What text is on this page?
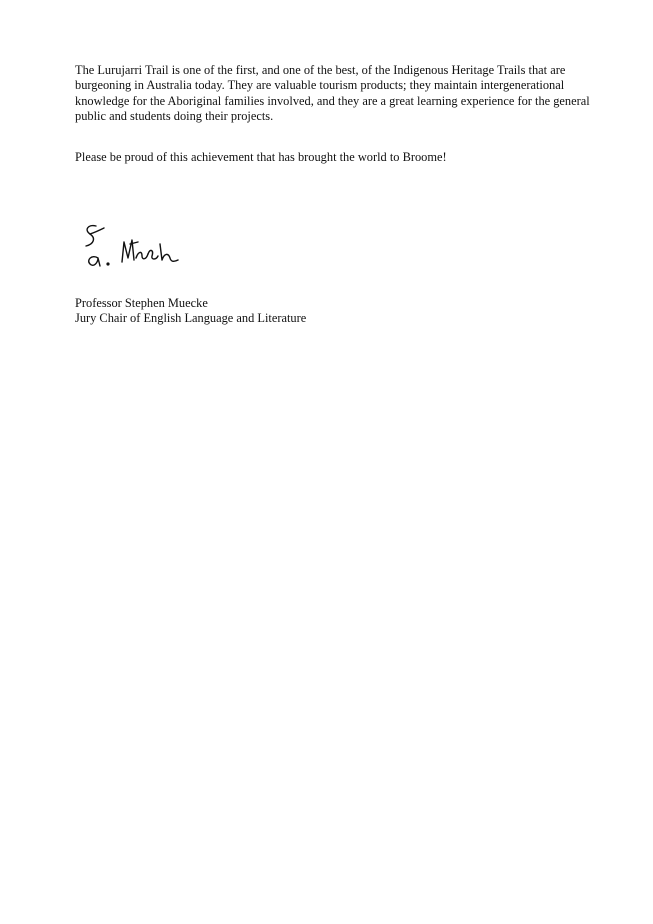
The Lurujarri Trail is one of the first, and one of the best, of the Indigenous Heritage Trails that are burgeoning in Australia today. They are valuable tourism products; they maintain intergenerational knowledge for the Aboriginal families involved, and they are a great learning experience for the general public and students doing their projects.

Please be proud of this achievement that has brought the world to Broome!

Professor Stephen Muecke

Jury Chair of English Language and Literature
